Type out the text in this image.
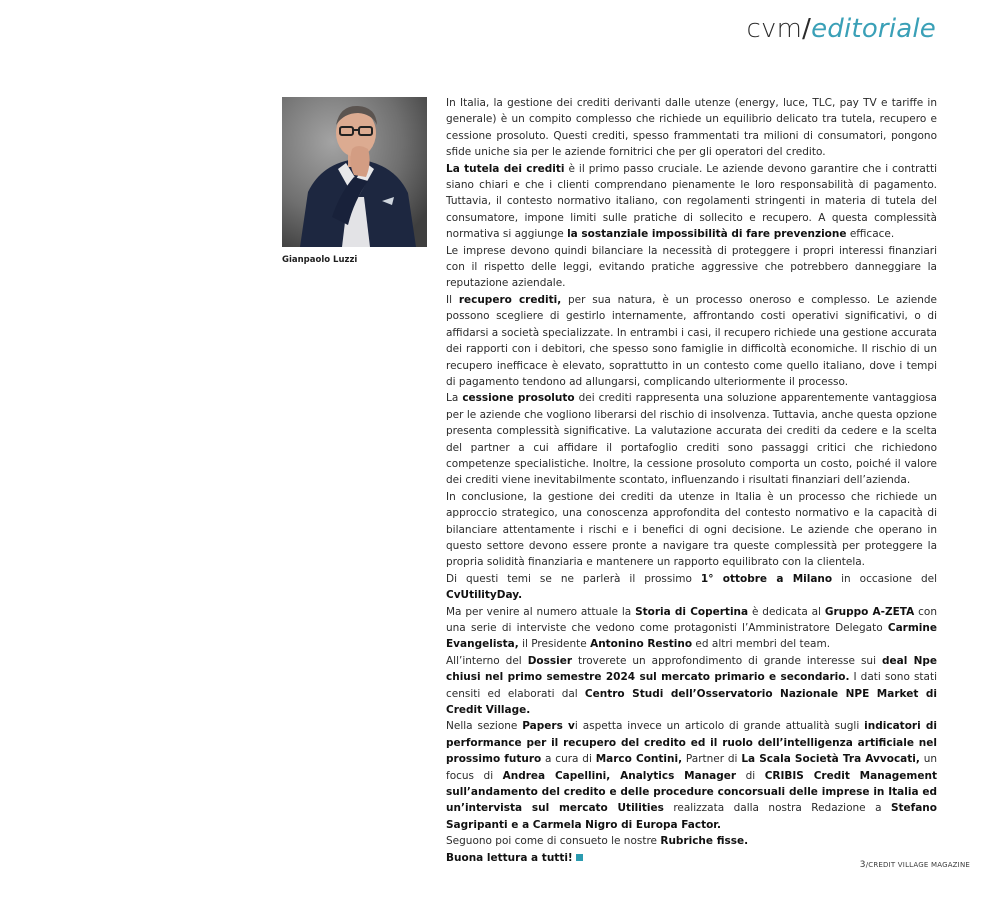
cvm/editoriale
Gianpaolo Luzzi

In Italia, la gestione dei crediti derivanti dalle utenze (energy, luce, TLC, pay TV e tariffe in generale) è un compito complesso che richiede un equilibrio delicato tra tutela, recupero e cessione prosoluto. Questi crediti, spesso frammentati tra milioni di consumatori, pongono sfide uniche sia per le aziende fornitrici che per gli operatori del credito.

La tutela dei crediti è il primo passo cruciale. Le aziende devono garantire che i contratti siano chiari e che i clienti comprendano pienamente le loro responsabilità di pagamento. Tuttavia, il contesto normativo italiano, con regolamenti stringenti in materia di tutela del consumatore, impone limiti sulle pratiche di sollecito e recupero. A questa complessità normativa si aggiunge la sostanziale impossibilità di fare prevenzione efficace.

Le imprese devono quindi bilanciare la necessità di proteggere i propri interessi finanziari con il rispetto delle leggi, evitando pratiche aggressive che potrebbero danneggiare la reputazione aziendale.

Il recupero crediti, per sua natura, è un processo oneroso e complesso. Le aziende possono scegliere di gestirlo internamente, affrontando costi operativi significativi, o di affidarsi a società specializzate. In entrambi i casi, il recupero richiede una gestione accurata dei rapporti con i debitori, che spesso sono famiglie in difficoltà economiche. Il rischio di un recupero inefficace è elevato, soprattutto in un contesto come quello italiano, dove i tempi di pagamento tendono ad allungarsi, complicando ulteriormente il processo.

La cessione prosoluto dei crediti rappresenta una soluzione apparentemente vantaggiosa per le aziende che vogliono liberarsi del rischio di insolvenza. Tuttavia, anche questa opzione presenta complessità significative. La valutazione accurata dei crediti da cedere e la scelta del partner a cui affidare il portafoglio crediti sono passaggi critici che richiedono competenze specialistiche. Inoltre, la cessione prosoluto comporta un costo, poiché il valore dei crediti viene inevitabilmente scontato, influenzando i risultati finanziari dell’azienda.

In conclusione, la gestione dei crediti da utenze in Italia è un processo che richiede un approccio strategico, una conoscenza approfondita del contesto normativo e la capacità di bilanciare attentamente i rischi e i benefici di ogni decisione. Le aziende che operano in questo settore devono essere pronte a navigare tra queste complessità per proteggere la propria solidità finanziaria e mantenere un rapporto equilibrato con la clientela.

Di questi temi se ne parlerà il prossimo 1° ottobre a Milano in occasione del CvUtilityDay.

Ma per venire al numero attuale la Storia di Copertina è dedicata al Gruppo A-ZETA con una serie di interviste che vedono come protagonisti l’Amministratore Delegato Carmine Evangelista, il Presidente Antonino Restino ed altri membri del team.

All’interno del Dossier troverete un approfondimento di grande interesse sui deal Npe chiusi nel primo semestre 2024 sul mercato primario e secondario. I dati sono stati censiti ed elaborati dal Centro Studi dell’Osservatorio Nazionale NPE Market di Credit Village.

Nella sezione Papers vi aspetta invece un articolo di grande attualità sugli indicatori di performance per il recupero del credito ed il ruolo dell’intelligenza artificiale nel prossimo futuro a cura di Marco Contini, Partner di La Scala Società Tra Avvocati, un focus di Andrea Capellini, Analytics Manager di CRIBIS Credit Management sull’andamento del credito e delle procedure concorsuali delle imprese in Italia ed un’intervista sul mercato Utilities realizzata dalla nostra Redazione a Stefano Sagripanti e a Carmela Nigro di Europa Factor.

Seguono poi come di consueto le nostre Rubriche fisse.

Buona lettura a tutti!

3/CREDIT VILLAGE MAGAZINE
